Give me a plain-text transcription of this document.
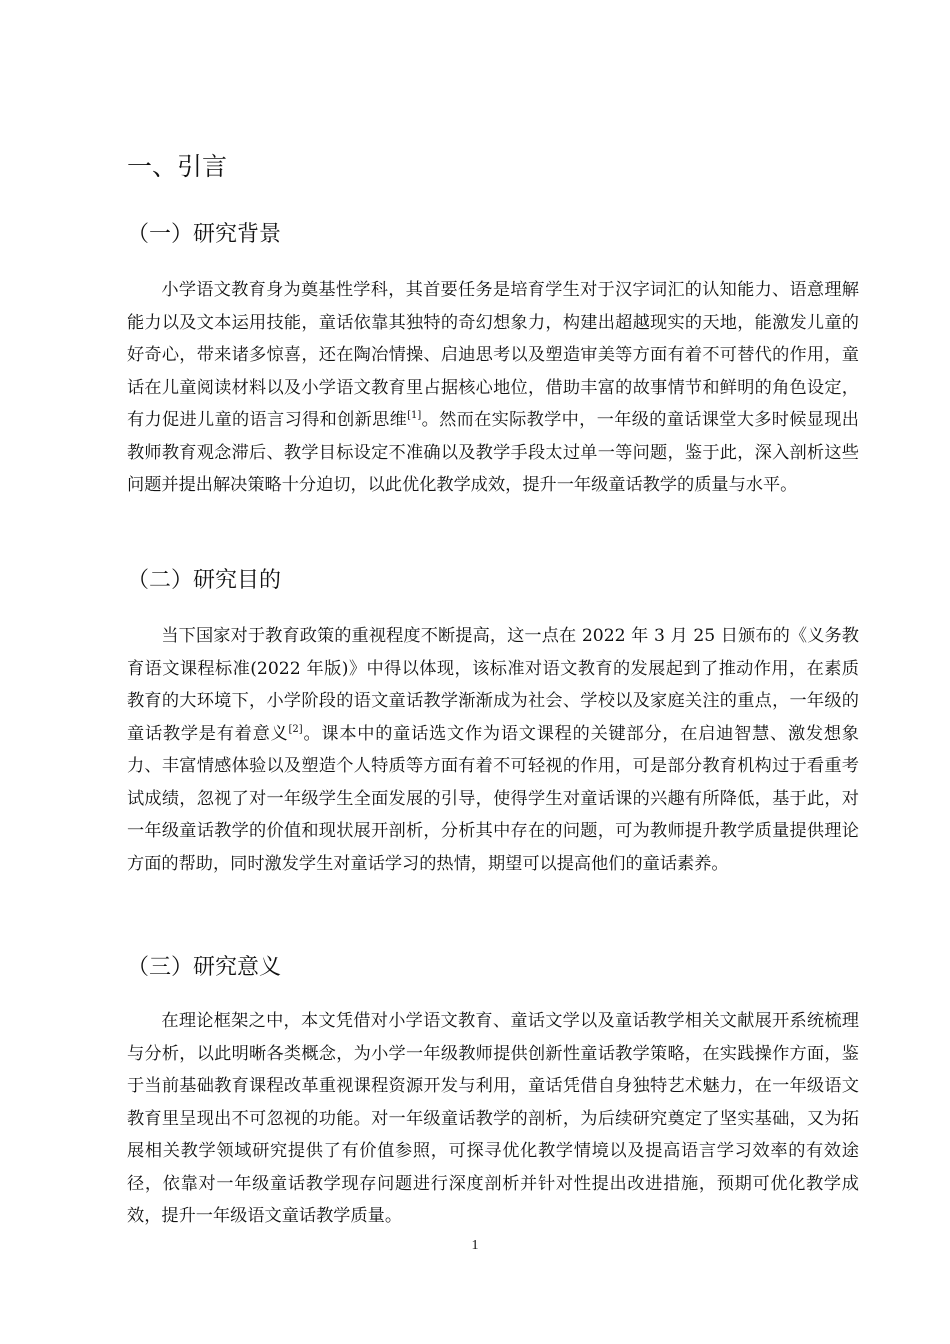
一、引言
（一）研究背景

小学语文教育身为奠基性学科，其首要任务是培育学生对于汉字词汇的认知能力、语意理解能力以及文本运用技能，童话依靠其独特的奇幻想象力，构建出超越现实的天地，能激发儿童的好奇心，带来诸多惊喜，还在陶冶情操、启迪思考以及塑造审美等方面有着不可替代的作用，童话在儿童阅读材料以及小学语文教育里占据核心地位，借助丰富的故事情节和鲜明的角色设定，有力促进儿童的语言习得和创新思维[1]。然而在实际教学中，一年级的童话课堂大多时候显现出教师教育观念滞后、教学目标设定不准确以及教学手段太过单一等问题，鉴于此，深入剖析这些问题并提出解决策略十分迫切，以此优化教学成效，提升一年级童话教学的质量与水平。

（二）研究目的

当下国家对于教育政策的重视程度不断提高，这一点在 2022 年 3 月 25 日颁布的《义务教育语文课程标准(2022 年版)》中得以体现，该标准对语文教育的发展起到了推动作用，在素质教育的大环境下，小学阶段的语文童话教学渐渐成为社会、学校以及家庭关注的重点，一年级的童话教学是有着意义[2]。课本中的童话选文作为语文课程的关键部分，在启迪智慧、激发想象力、丰富情感体验以及塑造个人特质等方面有着不可轻视的作用，可是部分教育机构过于看重考试成绩，忽视了对一年级学生全面发展的引导，使得学生对童话课的兴趣有所降低，基于此，对一年级童话教学的价值和现状展开剖析，分析其中存在的问题，可为教师提升教学质量提供理论方面的帮助，同时激发学生对童话学习的热情，期望可以提高他们的童话素养。

（三）研究意义

在理论框架之中，本文凭借对小学语文教育、童话文学以及童话教学相关文献展开系统梳理与分析，以此明晰各类概念，为小学一年级教师提供创新性童话教学策略，在实践操作方面，鉴于当前基础教育课程改革重视课程资源开发与利用，童话凭借自身独特艺术魅力，在一年级语文教育里呈现出不可忽视的功能。对一年级童话教学的剖析，为后续研究奠定了坚实基础，又为拓展相关教学领域研究提供了有价值参照，可探寻优化教学情境以及提高语言学习效率的有效途径，依靠对一年级童话教学现存问题进行深度剖析并针对性提出改进措施，预期可优化教学成效，提升一年级语文童话教学质量。

1
